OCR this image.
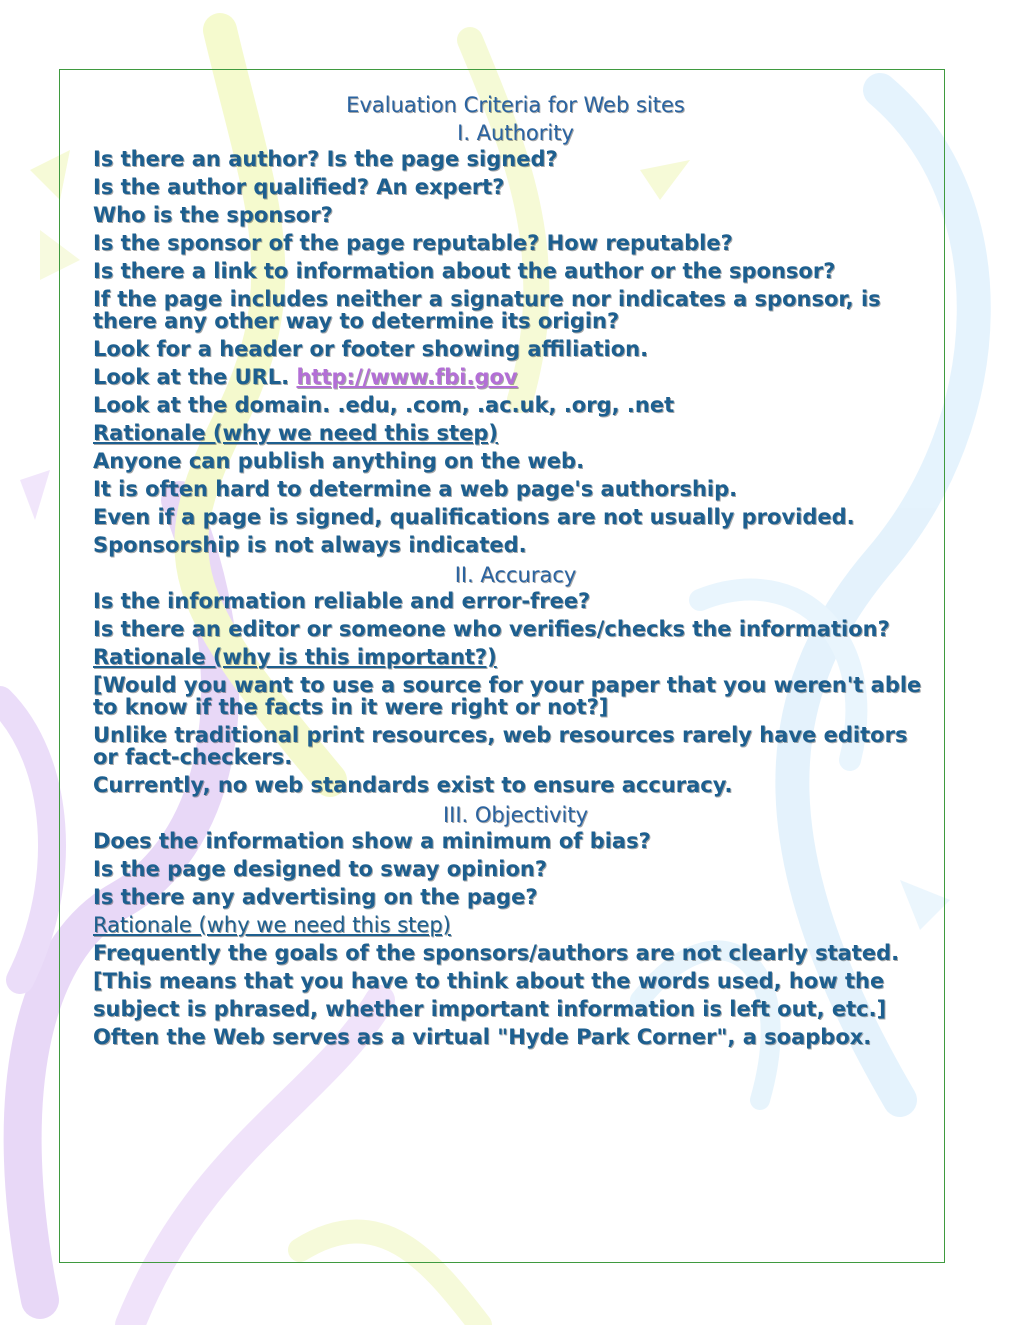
Evaluation Criteria for Web sites
I. Authority
Is there an author? Is the page signed?
Is the author qualified? An expert?
Who is the sponsor?
Is the sponsor of the page reputable? How reputable?
Is there a link to information about the author or the sponsor?
If the page includes neither a signature nor indicates a sponsor, is there any other way to determine its origin?
Look for a header or footer showing affiliation.
Look at the URL. http://www.fbi.gov
Look at the domain. .edu, .com, .ac.uk, .org, .net
Rationale (why we need this step)
Anyone can publish anything on the web.
It is often hard to determine a web page's authorship.
Even if a page is signed, qualifications are not usually provided.
Sponsorship is not always indicated.
II. Accuracy
Is the information reliable and error-free?
Is there an editor or someone who verifies/checks the information?
Rationale (why is this important?)
[Would you want to use a source for your paper that you weren't able to know if the facts in it were right or not?]
Unlike traditional print resources, web resources rarely have editors or fact-checkers.
Currently, no web standards exist to ensure accuracy.
III. Objectivity
Does the information show a minimum of bias?
Is the page designed to sway opinion?
Is there any advertising on the page?
Rationale (why we need this step)
Frequently the goals of the sponsors/authors are not clearly stated.
[This means that you have to think about the words used, how the
subject is phrased, whether important information is left out, etc.]
Often the Web serves as a virtual "Hyde Park Corner", a soapbox.
